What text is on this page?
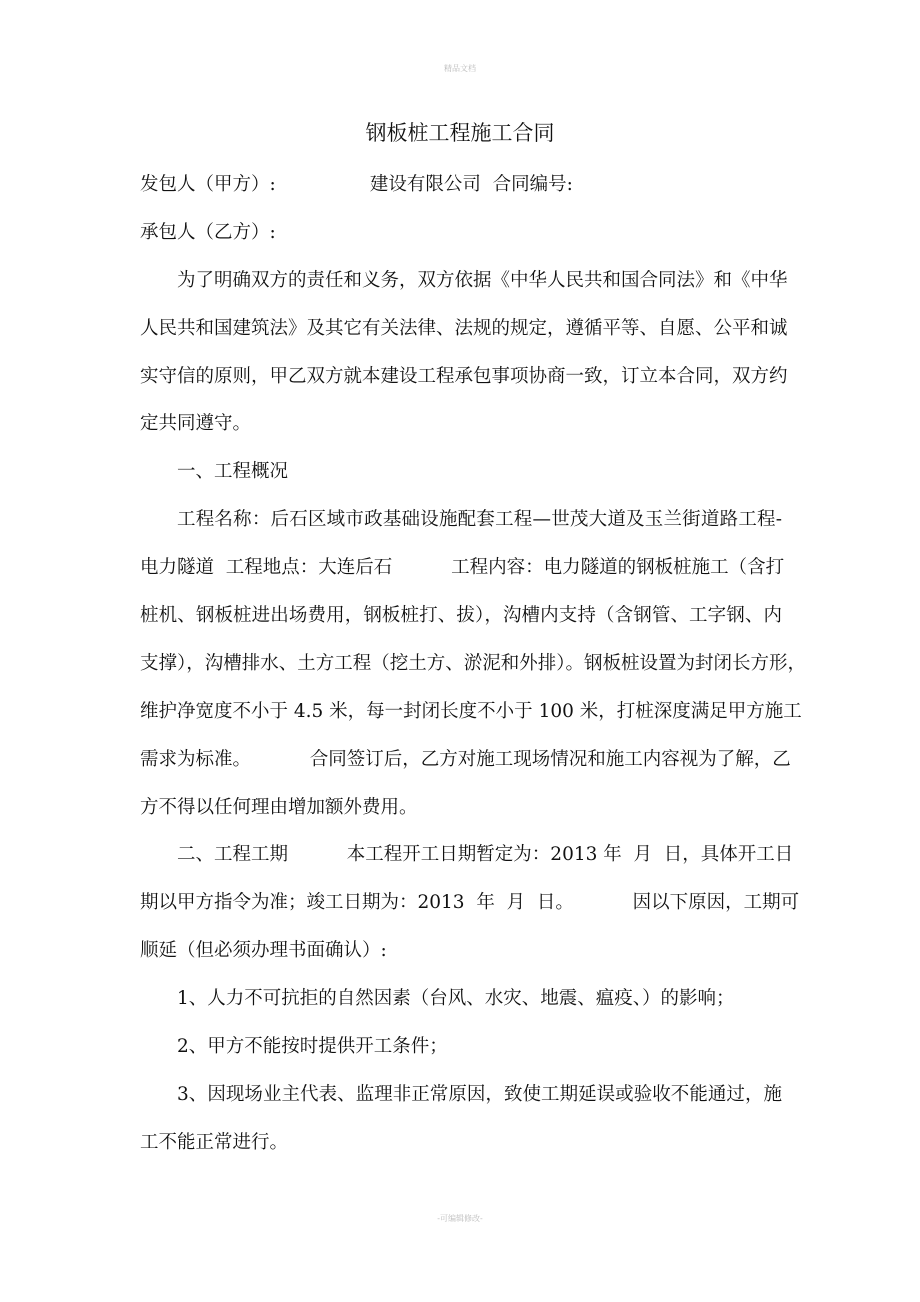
精品文档
钢板桩工程施工合同
发包人（甲方）:                建设有限公司  合同编号:
承包人（乙方）:
为了明确双方的责任和义务，双方依据《中华人民共和国合同法》和《中华
人民共和国建筑法》及其它有关法律、法规的规定，遵循平等、自愿、公平和诚
实守信的原则，甲乙双方就本建设工程承包事项协商一致，订立本合同，双方约
定共同遵守。
一、工程概况
工程名称：后石区域市政基础设施配套工程—世茂大道及玉兰街道路工程-
电力隧道  工程地点：大连后石          工程内容：电力隧道的钢板桩施工（含打
桩机、钢板桩进出场费用，钢板桩打、拔），沟槽内支持（含钢管、工字钢、内
支撑），沟槽排水、土方工程（挖土方、淤泥和外排）。钢板桩设置为封闭长方形，
维护净宽度不小于 4.5 米，每一封闭长度不小于 100 米，打桩深度满足甲方施工
需求为标准。          合同签订后，乙方对施工现场情况和施工内容视为了解，乙
方不得以任何理由增加额外费用。
二、工程工期          本工程开工日期暂定为：2013 年  月  日，具体开工日
期以甲方指令为准；竣工日期为：2013  年  月  日。          因以下原因，工期可
顺延（但必须办理书面确认）:
1、人力不可抗拒的自然因素（台风、水灾、地震、瘟疫、）的影响；
2、甲方不能按时提供开工条件；
3、因现场业主代表、监理非正常原因，致使工期延误或验收不能通过，施
工不能正常进行。
-可编辑修改-
